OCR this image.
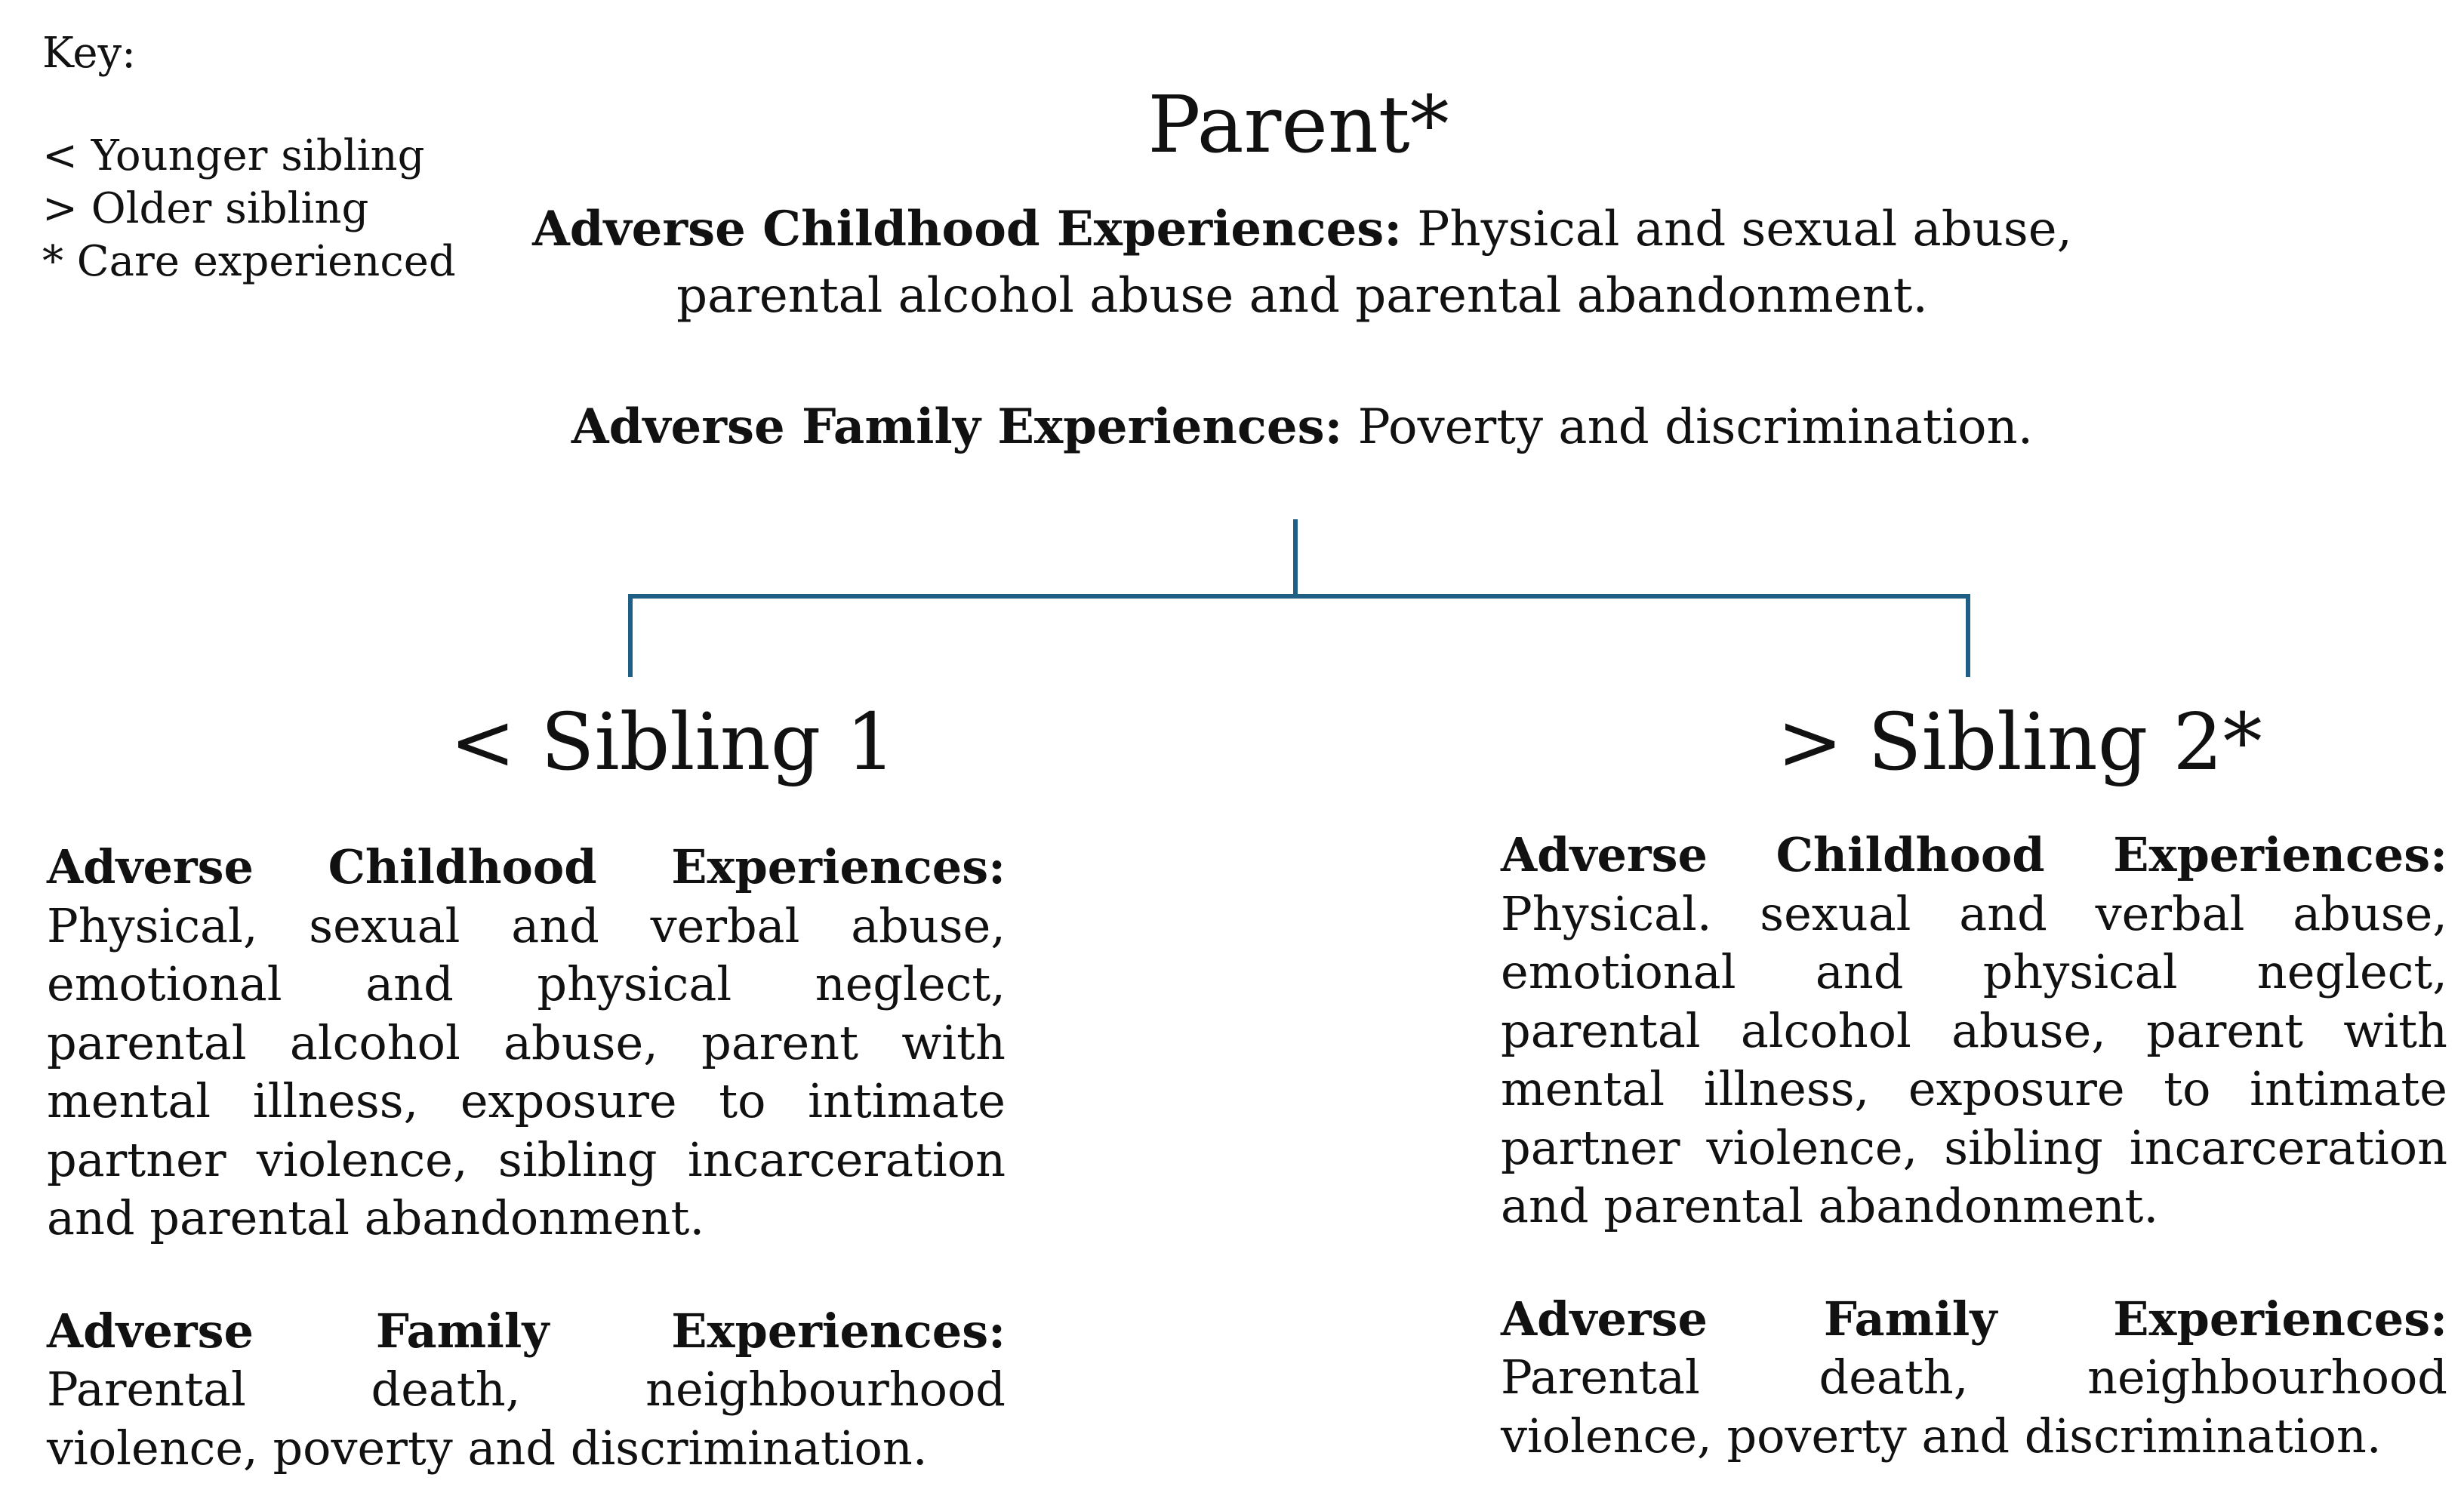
Key:
< Younger sibling
> Older sibling
* Care experienced
Parent*
Adverse Childhood Experiences: Physical and sexual abuse, parental alcohol abuse and parental abandonment.
Adverse Family Experiences: Poverty and discrimination.
< Sibling 1	> Sibling 2*

Adverse Childhood Experiences: Physical, sexual and verbal abuse, emotional and physical neglect, parental alcohol abuse, parent with mental illness, exposure to intimate partner violence, sibling incarceration and parental abandonment.

Adverse Family Experiences: Parental death, neighbourhood violence, poverty and discrimination.

Adverse Childhood Experiences: Physical. sexual and verbal abuse, emotional and physical neglect, parental alcohol abuse, parent with mental illness, exposure to intimate partner violence, sibling incarceration and parental abandonment.

Adverse Family Experiences: Parental death, neighbourhood violence, poverty and discrimination.
